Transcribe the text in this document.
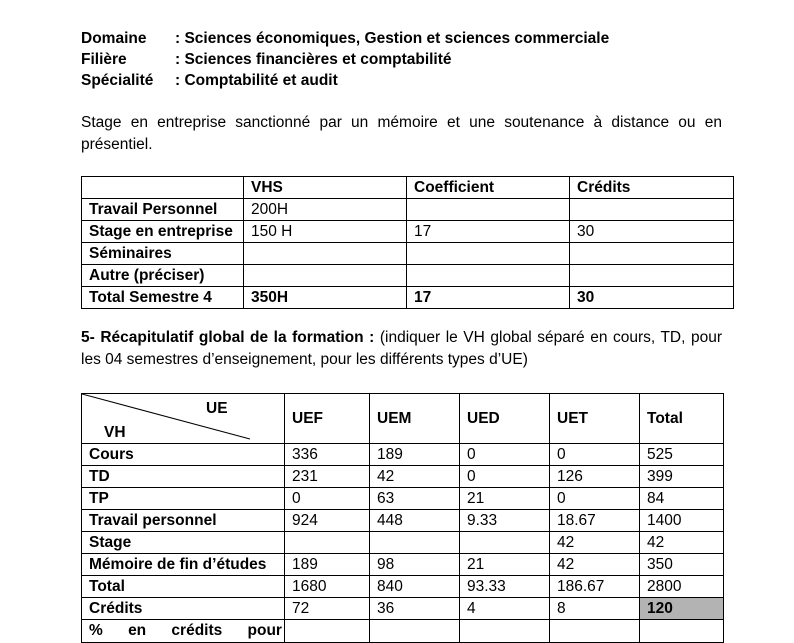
Domaine : Sciences économiques, Gestion et sciences commerciale
Filière	: Sciences financières et comptabilité
Spécialité : Comptabilité et audit
Stage en entreprise sanctionné par un mémoire et une soutenance à distance ou en présentiel.
	VHS	Coefficient	Crédits
Travail Personnel	200H		
Stage en entreprise	150 H	17	30
Séminaires			
Autre (préciser)			
Total Semestre 4	350H	17	30
5- Récapitulatif global de la formation : (indiquer le VH global séparé en cours, TD, pour les 04 semestres d’enseignement, pour les différents types d’UE)
UE
VH	UEF	UEM	UED	UET	Total
Cours	336	189	0	0	525
TD	231	42	0	126	399
TP	0	63	21	0	84
Travail personnel	924	448	9.33	18.67	1400
Stage				42	42
Mémoire de fin d’études	189	98	21	42	350
Total	1680	840	93.33	186.67	2800
Crédits	72	36	4	8	120

% en crédits pour					
